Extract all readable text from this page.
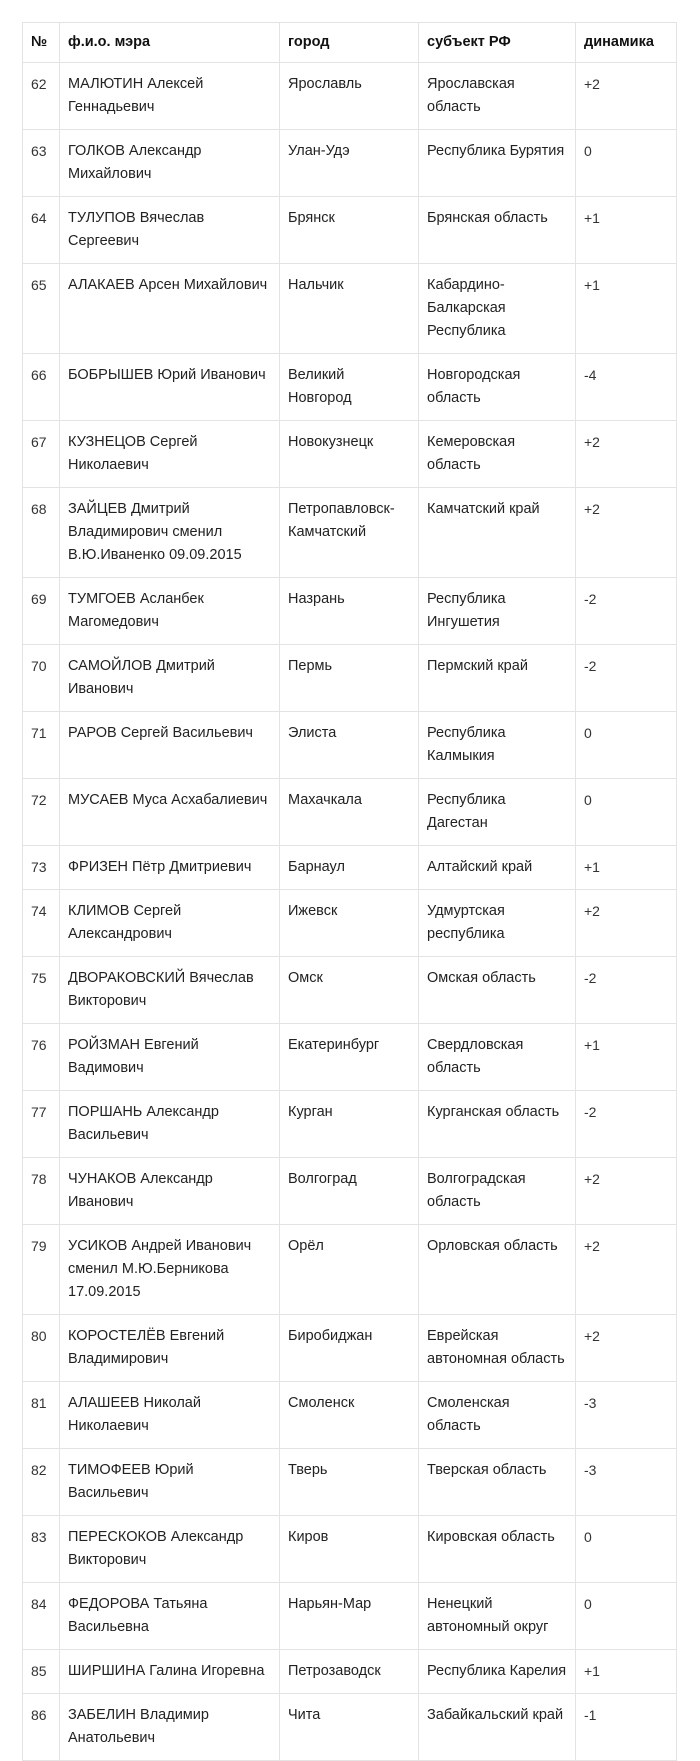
№	ф.и.о. мэра	город	субъект РФ	динамика
62	МАЛЮТИН Алексей Геннадьевич	Ярославль	Ярославская область	+2
63	ГОЛКОВ Александр Михайлович	Улан-Удэ	Республика Бурятия	0
64	ТУЛУПОВ Вячеслав Сергеевич	Брянск	Брянская область	+1
65	АЛАКАЕВ Арсен Михайлович	Нальчик	Кабардино-Балкарская Республика	+1
66	БОБРЫШЕВ Юрий Иванович	Великий Новгород	Новгородская область	-4
67	КУЗНЕЦОВ Сергей Николаевич	Новокузнецк	Кемеровская область	+2
68	ЗАЙЦЕВ Дмитрий Владимирович сменил В.Ю.Иваненко 09.09.2015	Петропавловск-Камчатский	Камчатский край	+2
69	ТУМГОЕВ Асланбек Магомедович	Назрань	Республика Ингушетия	-2
70	САМОЙЛОВ Дмитрий Иванович	Пермь	Пермский край	-2
71	РАРОВ Сергей Васильевич	Элиста	Республика Калмыкия	0
72	МУСАЕВ Муса Асхабалиевич	Махачкала	Республика Дагестан	0
73	ФРИЗЕН Пётр Дмитриевич	Барнаул	Алтайский край	+1
74	КЛИМОВ Сергей Александрович	Ижевск	Удмуртская республика	+2
75	ДВОРАКОВСКИЙ Вячеслав Викторович	Омск	Омская область	-2
76	РОЙЗМАН Евгений Вадимович	Екатеринбург	Свердловская область	+1
77	ПОРШАНЬ Александр Васильевич	Курган	Курганская область	-2
78	ЧУНАКОВ Александр Иванович	Волгоград	Волгоградская область	+2
79	УСИКОВ Андрей Иванович сменил М.Ю.Берникова 17.09.2015	Орёл	Орловская область	+2
80	КОРОСТЕЛЁВ Евгений Владимирович	Биробиджан	Еврейская автономная область	+2
81	АЛАШЕЕВ Николай Николаевич	Смоленск	Смоленская область	-3
82	ТИМОФЕЕВ Юрий Васильевич	Тверь	Тверская область	-3
83	ПЕРЕСКОКОВ Александр Викторович	Киров	Кировская область	0
84	ФЕДОРОВА Татьяна Васильевна	Нарьян-Мар	Ненецкий автономный округ	0
85	ШИРШИНА Галина Игоревна	Петрозаводск	Республика Карелия	+1
86	ЗАБЕЛИН Владимир Анатольевич	Чита	Забайкальский край	-1
